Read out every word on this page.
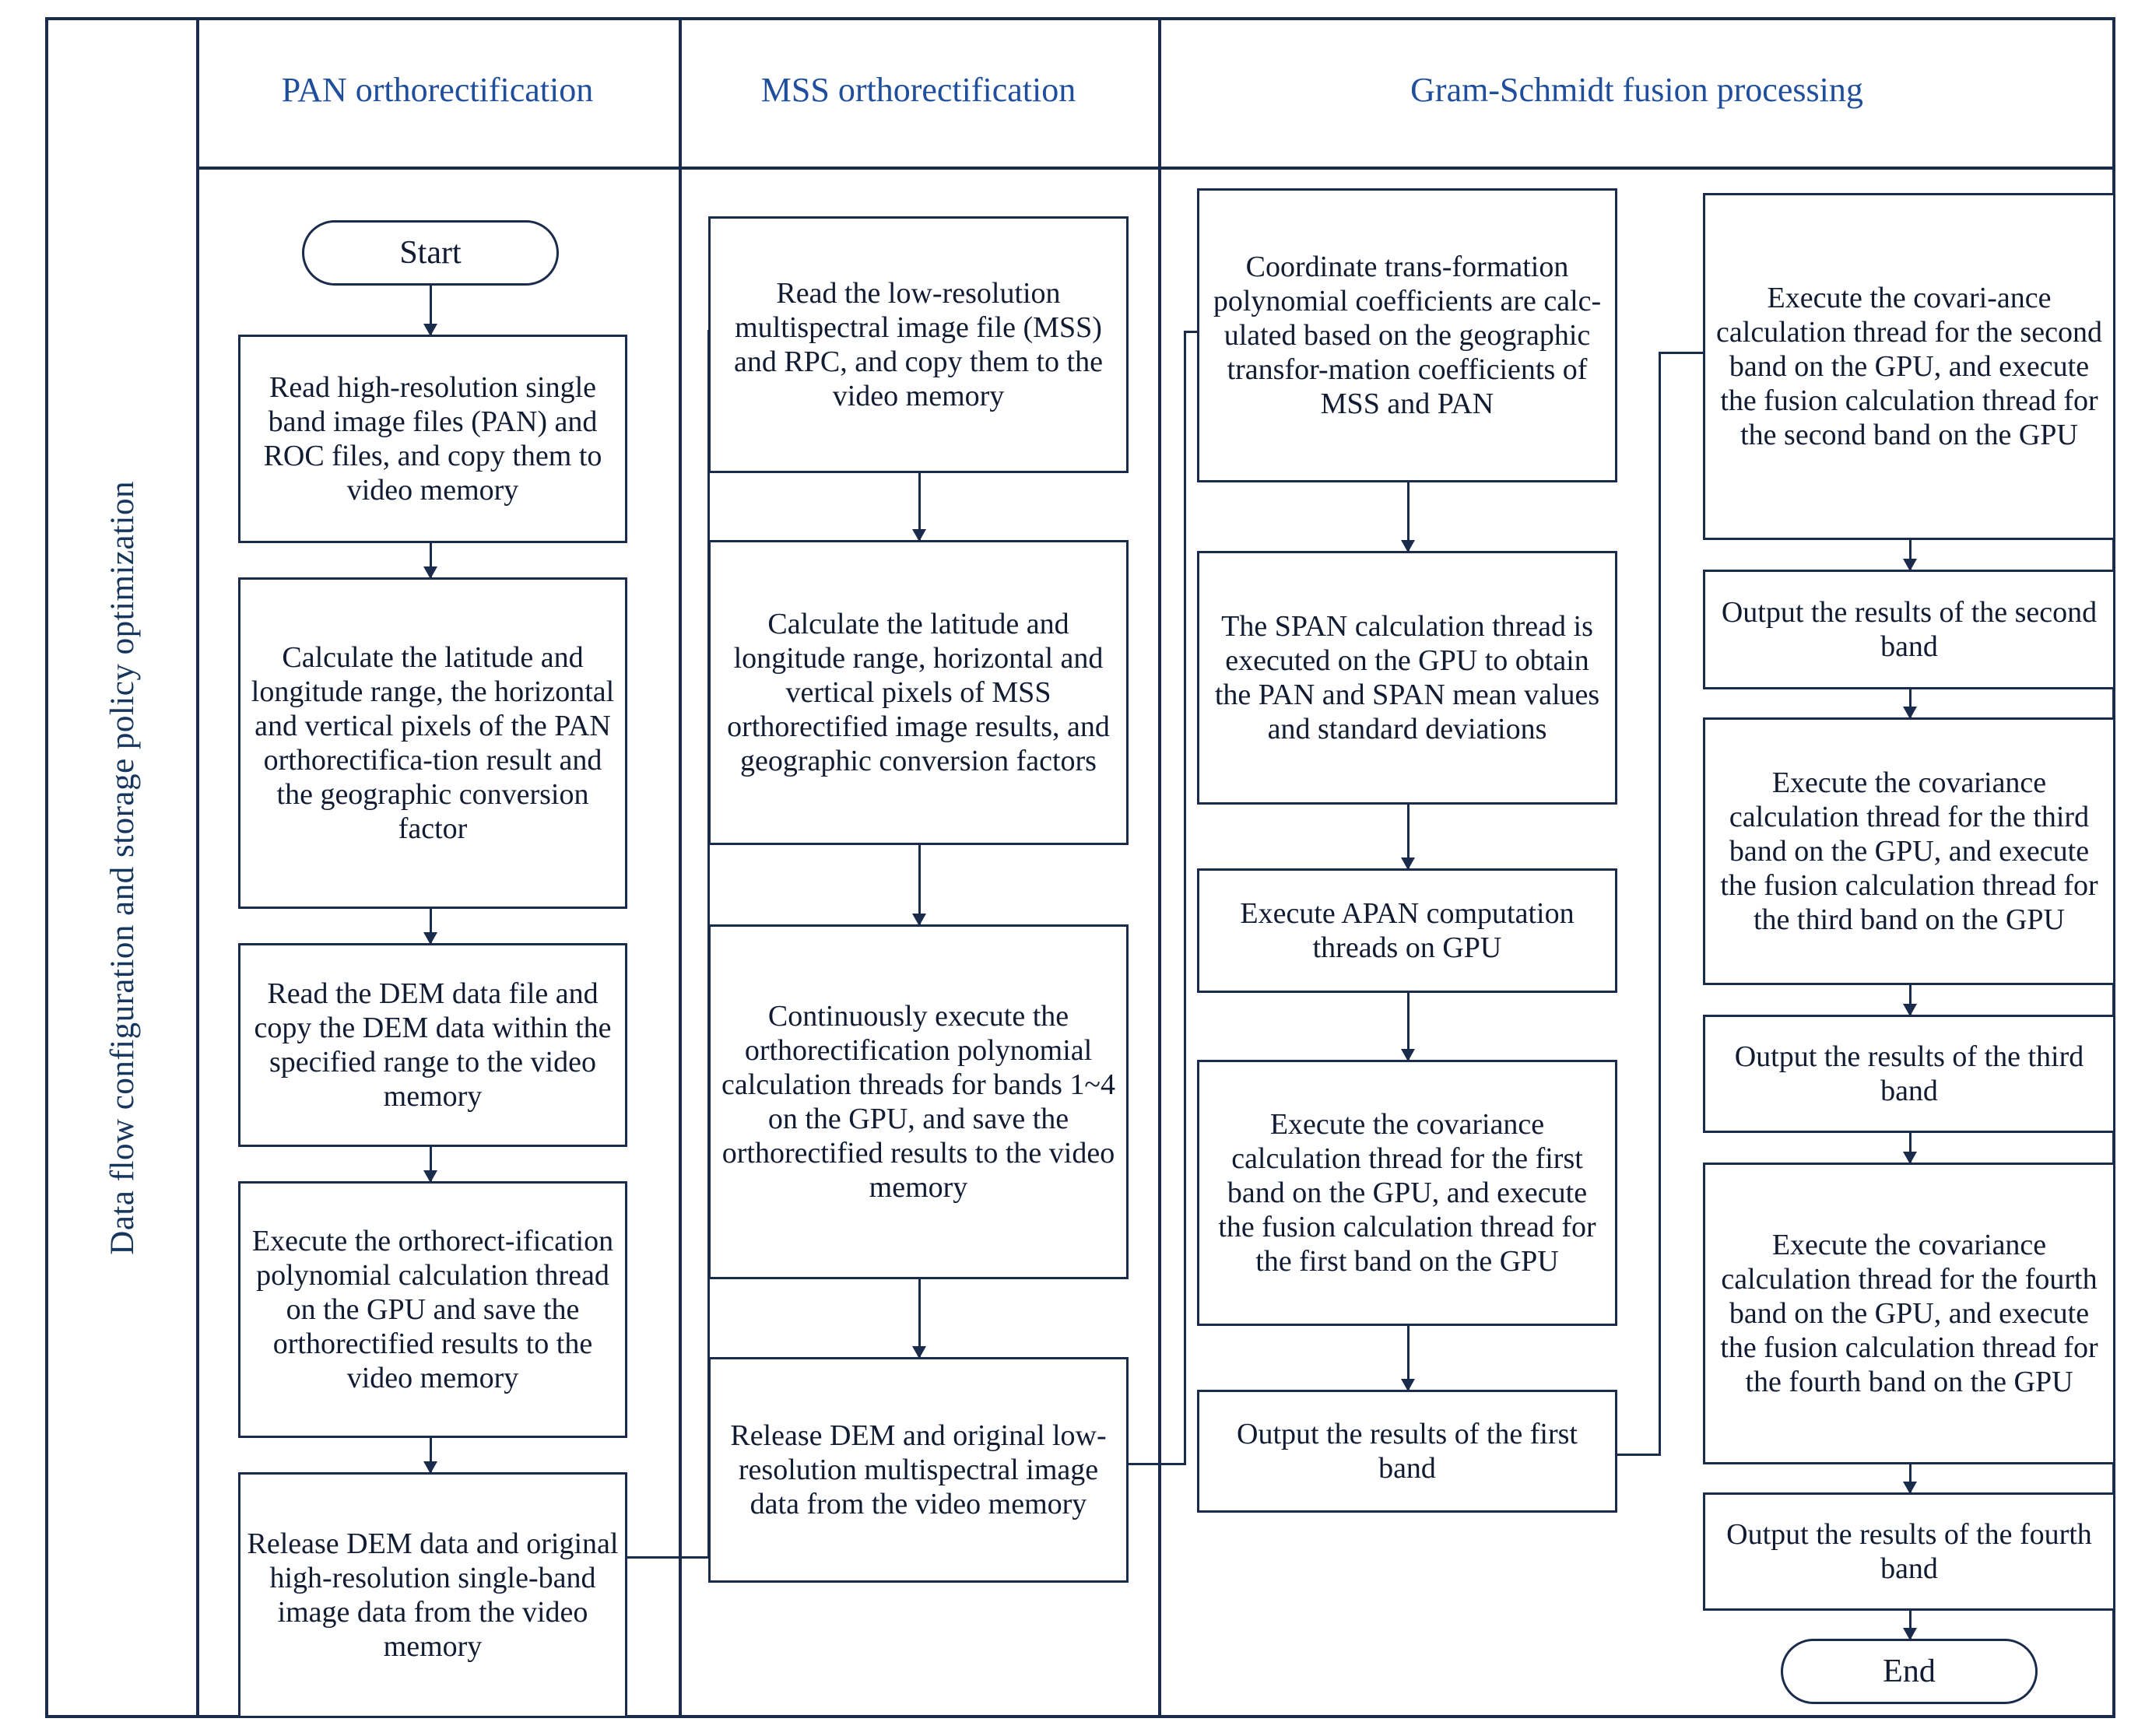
Data flow configuration and storage policy optimization
PAN orthorectification	MSS orthorectification	Gram-Schmidt fusion processing
Start
Read high-resolution single band image files (PAN) and ROC files, and copy them to video memory
Calculate the latitude and longitude range, the horizontal and vertical pixels of the PAN orthorectifica-tion result and the geographic conversion factor
Read the DEM data file and copy the DEM data within the specified range to the video memory
Execute the orthorect-ification polynomial calculation thread on the GPU and save the orthorectified results to the video memory
Release DEM data and original high-resolution single-band image data from the video memory
Read the low-resolution multispectral image file (MSS) and RPC, and copy them to the video memory
Calculate the latitude and longitude range, horizontal and vertical pixels of MSS orthorectified image results, and geographic conversion factors
Continuously execute the orthorectification polynomial calculation threads for bands 1~4 on the GPU, and save the orthorectified results to the video memory
Release DEM and original low-resolution multispectral image data from the video memory
Coordinate trans-formation polynomial coefficients are calc-ulated based on the geographic transfor-mation coefficients of MSS and PAN
The SPAN calculation thread is executed on the GPU to obtain the PAN and SPAN mean values and standard deviations
Execute APAN computation threads on GPU
Execute the covariance calculation thread for the first band on the GPU, and execute the fusion calculation thread for the first band on the GPU
Output the results of the first band
Execute the covari-ance calculation thread for the second band on the GPU, and execute the fusion calculation thread for the second band on the GPU
Output the results of the second band
Execute the covariance calculation thread for the third band on the GPU, and execute the fusion calculation thread for the third band on the GPU
Output the results of the third band
Execute the covariance calculation thread for the fourth band on the GPU, and execute the fusion calculation thread for the fourth band on the GPU
Output the results of the fourth band
End
